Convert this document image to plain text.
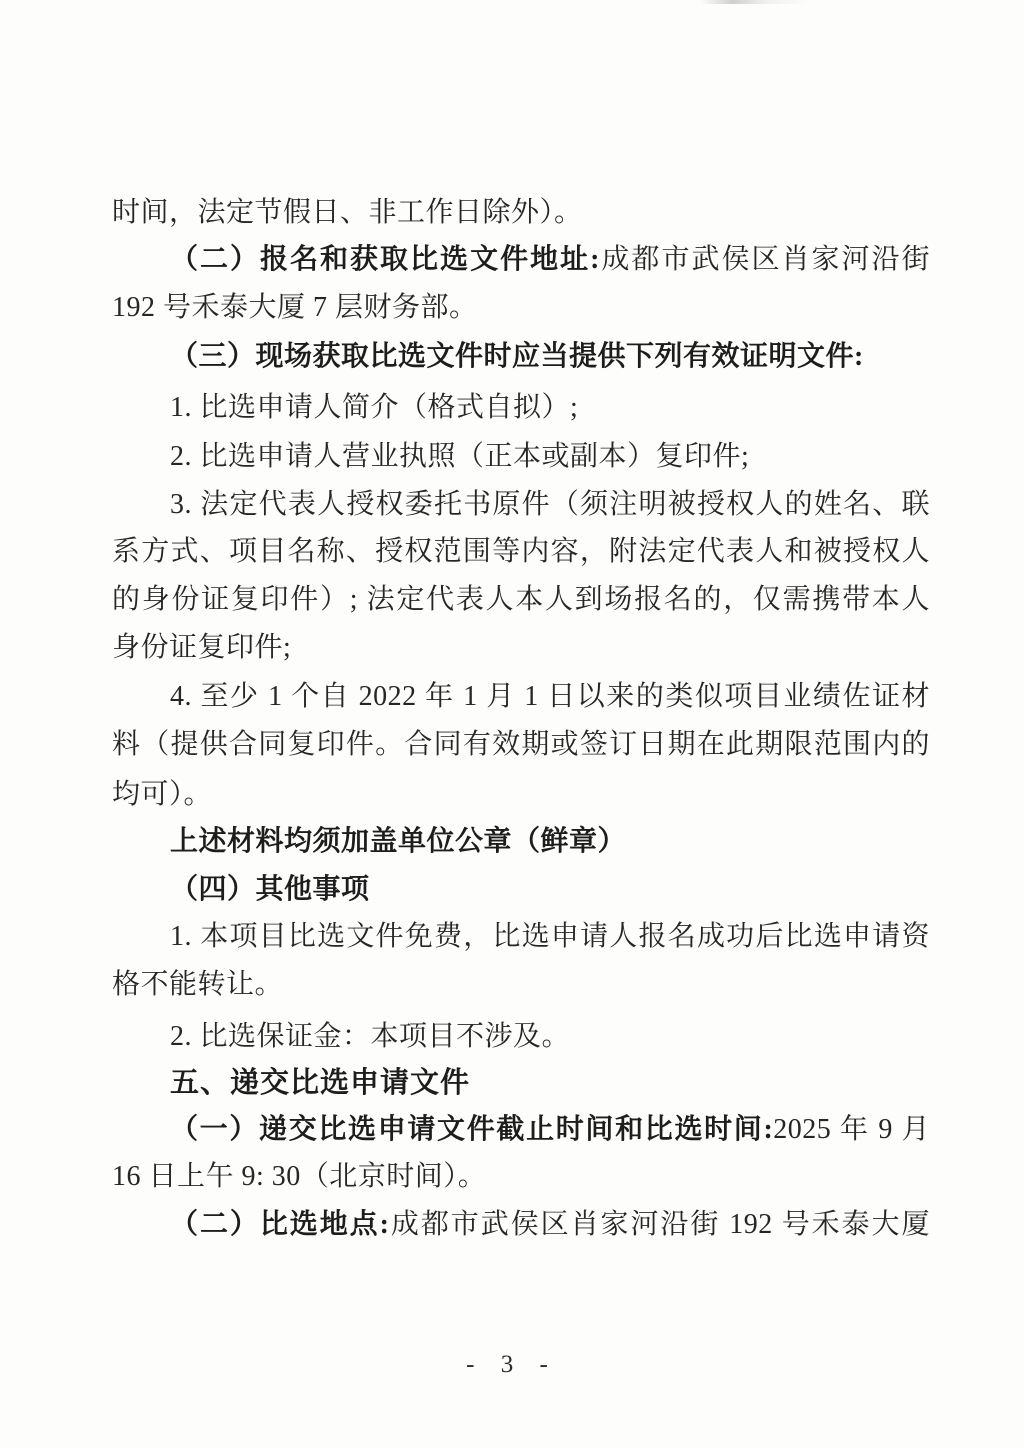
时间，法定节假日、非工作日除外）。
（二）报名和获取比选文件地址:成都市武侯区肖家河沿街
192 号禾泰大厦 7 层财务部。
（三）现场获取比选文件时应当提供下列有效证明文件:
1. 比选申请人简介（格式自拟）;
2. 比选申请人营业执照（正本或副本）复印件;
3. 法定代表人授权委托书原件（须注明被授权人的姓名、联
系方式、项目名称、授权范围等内容，附法定代表人和被授权人
的身份证复印件）; 法定代表人本人到场报名的，仅需携带本人
身份证复印件;
4. 至少 1 个自 2022 年 1 月 1 日以来的类似项目业绩佐证材
料（提供合同复印件。合同有效期或签订日期在此期限范围内的
均可）。
上述材料均须加盖单位公章（鲜章）
（四）其他事项
1. 本项目比选文件免费，比选申请人报名成功后比选申请资
格不能转让。
2. 比选保证金：本项目不涉及。
五、递交比选申请文件
（一）递交比选申请文件截止时间和比选时间:2025 年 9 月
16 日上午 9: 30（北京时间）。
（二）比选地点:成都市武侯区肖家河沿街 192 号禾泰大厦
- 3 -
